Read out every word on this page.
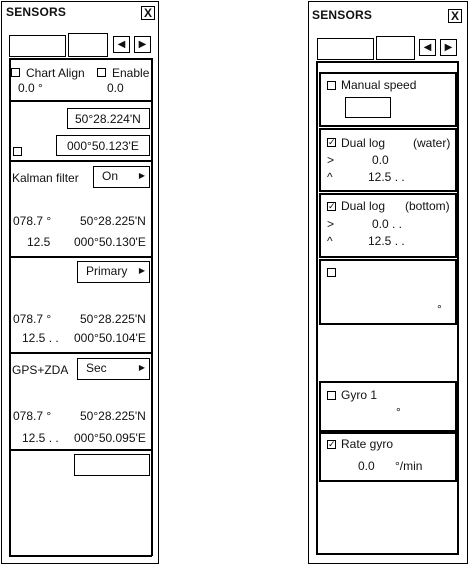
SENSORS	X
◀	▶
Chart Align Enable
0.0 °	0.0
50°28.224'N
000°50.123'E
Kalman filter On	▶
078.7 ° 50°28.225'N
12.5 000°50.130'E
Primary ▶
078.7 ° 50°28.225'N
12.5 . . 000°50.104'E
GPS+ZDA Sec	▶
078.7 ° 50°28.225'N
12.5 . . 000°50.095'E
SENSORS	X
◀	▶
Manual speed
✓ Dual log (water)
>	0.0
^	12.5 . .
✓ Dual log (bottom)
>	0.0 . .
^	12.5 . .
°
Gyro 1
°
✓ Rate gyro
0.0 °/min
